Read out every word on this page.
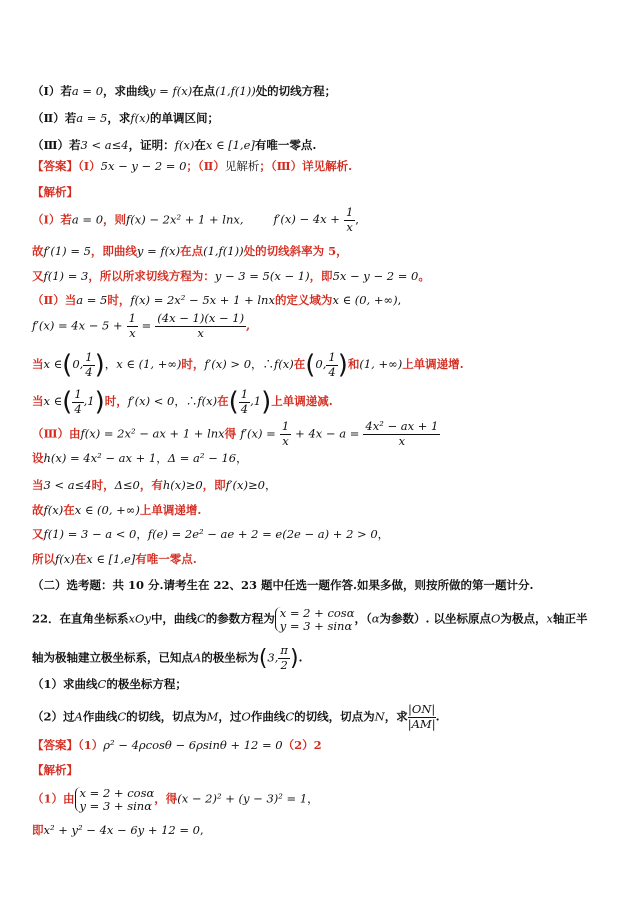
（Ⅰ）若a = 0，求曲线y = f(x)在点(1,f(1))处的切线方程；
（Ⅱ）若a = 5，求f(x)的单调区间；
（Ⅲ）若3 < a≤4，证明：f(x)在x ∈ [1,e]有唯一零点.
【答案】（Ⅰ）5x − y − 2 = 0；（Ⅱ）见解析；（Ⅲ）详见解析.
【解析】
（Ⅰ）若a = 0，则f(x) − 2x² + 1 + lnx,	$f'(x) - 4x + \frac{1}{x}$ ,
故f′(1) = 5，即曲线y = f(x)在点(1,f(1))处的切线斜率为 5，
又f(1) = 3，所以所求切线方程为：y − 3 = 5(x − 1)，即5x − y − 2 = 0。
（Ⅱ）当a = 5时，f(x) = 2x² − 5x + 1 + lnx的定义域为x ∈ (0, +∞),
$f'(x) = 4x - 5 + \frac{1}{x} = \frac{(4x - 1)(x - 1)}{x}$ ,
当x ∈(0, $\frac{1}{4}$ )，x ∈ (1, +∞)时，f′(x) > 0，∴f(x)在(0, $\frac{1}{4}$ )和(1, +∞)上单调递增.
当x ∈( $\frac{1}{4} ,1$)时，f′(x) < 0，∴f(x)在( $\frac{1}{4} ,1$)上单调递减.
（Ⅲ）由f(x) = 2x² − ax + 1 + lnx得 $f'(x) = \frac{1}{x} + 4x - a = \frac{\text{4x² − ax + 1}}{x}$
设h(x) = 4x² − ax + 1，Δ = a² − 16，
当3 < a≤4时，Δ≤0，有h(x)≥0，即f′(x)≥0，
故f(x)在x ∈ (0, +∞)上单调递增.
又f(1) = 3 − a < 0，f(e) = 2e² − ae + 2 = e(2e − a) + 2 > 0，
所以f(x)在x ∈ [1,e]有唯一零点.
（二）选考题：共 10 分.请考生在 22、23 题中任选一题作答.如果多做，则按所做的第一题计分.
22．在直角坐标系xOy中，曲线C的参数方程为 x = 2 + cosα
y = 3 + sinα ，（α为参数）. 以坐标原点O为极点，x轴正半
轴为极轴建立极坐标系，已知点A的极坐标为(3, $\frac{\pi}{2}$ ).
（1）求曲线C的极坐标方程；
（2）过A作曲线C的切线，切点为M，过O作曲线C的切线，切点为N，求 $\frac{|ON|}{|AM|}$ .
【答案】（1）ρ² − 4ρcosθ − 6ρsinθ + 12 = 0（2）2
【解析】
（1）由 x = 2 + cosα
y = 3 + sinα ，得(x − 2)² + (y − 3)² = 1，
即x² + y² − 4x − 6y + 12 = 0,
